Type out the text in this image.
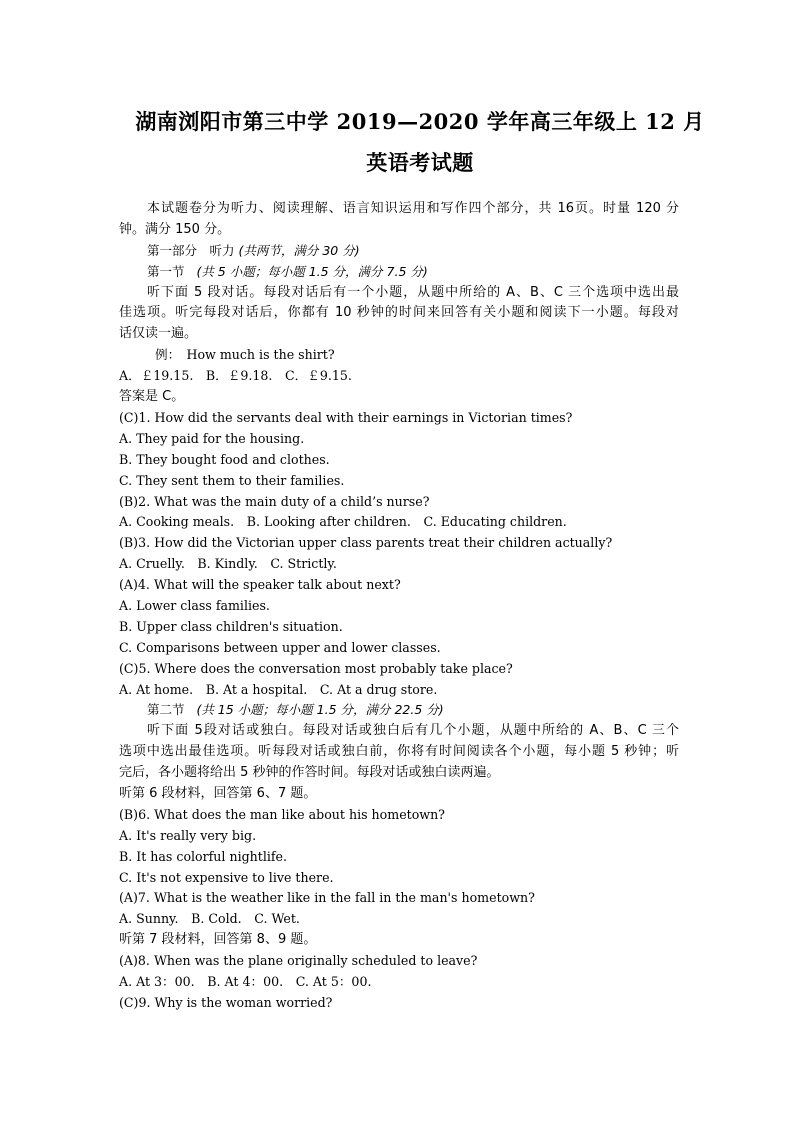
湖南浏阳市第三中学 2019—2020 学年高三年级上 12 月
英语考试题
本试题卷分为听力、阅读理解、语言知识运用和写作四个部分，共 16页。时量 120 分
钟。满分 150 分。
第一部分　听力 (共两节，满分 30 分)
第一节 (共 5 小题；每小题 1.5 分，满分 7.5 分)
听下面 5 段对话。每段对话后有一个小题，从题中所给的 A、B、C 三个选项中选出最
佳选项。听完每段对话后，你都有 10 秒钟的时间来回答有关小题和阅读下一小题。每段对
话仅读一遍。
例：　How much is the shirt?
A．￡19.15.　B．￡9.18.　C．￡9.15.
答案是 C。
(C)1. How did the servants deal with their earnings in Victorian times?
A. They paid for the housing.
B. They bought food and clothes.
C. They sent them to their families.
(B)2. What was the main duty of a child’s nurse?
A. Cooking meals.　B. Looking after children.　C. Educating children.
(B)3. How did the Victorian upper class parents treat their children actually?
A. Cruelly.　B. Kindly.　C. Strictly.
(A)4. What will the speaker talk about next?
A. Lower class families.
B. Upper class children's situation.
C. Comparisons between upper and lower classes.
(C)5. Where does the conversation most probably take place?
A. At home.　B. At a hospital.　C. At a drug store.
第二节 (共 15 小题；每小题 1.5 分，满分 22.5 分)
听下面 5段对话或独白。每段对话或独白后有几个小题，从题中所给的 A、B、C 三个
选项中选出最佳选项。听每段对话或独白前，你将有时间阅读各个小题，每小题 5 秒钟；听
完后，各小题将给出 5 秒钟的作答时间。每段对话或独白读两遍。
听第 6 段材料，回答第 6、7 题。
(B)6. What does the man like about his hometown?
A. It's really very big.
B. It has colorful nightlife.
C. It's not expensive to live there.
(A)7. What is the weather like in the fall in the man's hometown?
A. Sunny.　B. Cold.　C. Wet.
听第 7 段材料，回答第 8、9 题。
(A)8. When was the plane originally scheduled to leave?
A. At 3：00.　B. At 4：00.　C. At 5：00.
(C)9. Why is the woman worried?
